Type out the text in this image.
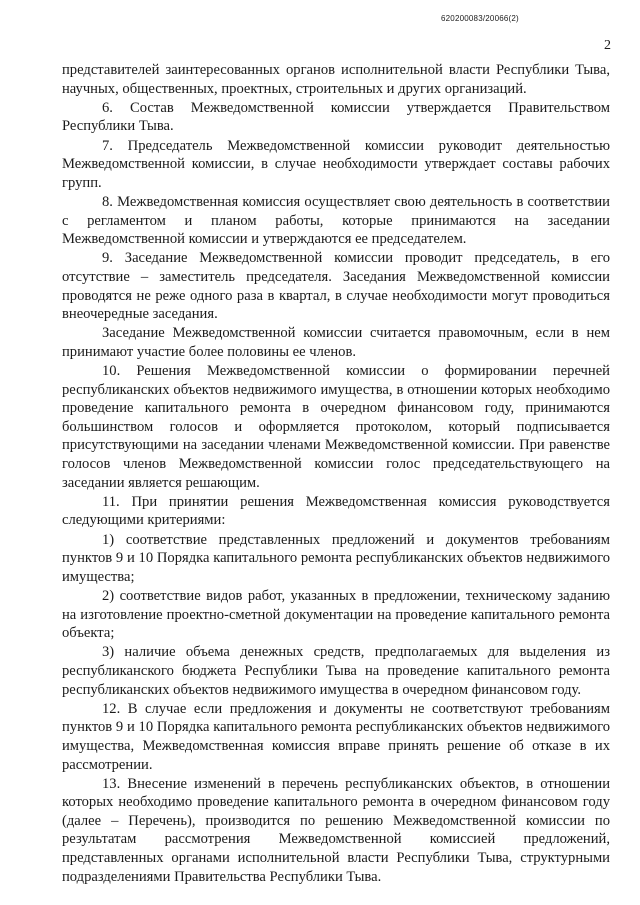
620200083/20066(2)
2

представителей заинтересованных органов исполнительной власти Республики Тыва, научных, общественных, проектных, строительных и других организаций.

6. Состав Межведомственной комиссии утверждается Правительством Республики Тыва.

7. Председатель Межведомственной комиссии руководит деятельностью Межведомственной комиссии, в случае необходимости утверждает составы рабочих групп.

8. Межведомственная комиссия осуществляет свою деятельность в соответствии с регламентом и планом работы, которые принимаются на заседании Межведомственной комиссии и утверждаются ее председателем.

9. Заседание Межведомственной комиссии проводит председатель, в его отсутствие – заместитель председателя. Заседания Межведомственной комиссии проводятся не реже одного раза в квартал, в случае необходимости могут проводиться внеочередные заседания.

Заседание Межведомственной комиссии считается правомочным, если в нем принимают участие более половины ее членов.

10. Решения Межведомственной комиссии о формировании перечней республиканских объектов недвижимого имущества, в отношении которых необходимо проведение капитального ремонта в очередном финансовом году, принимаются большинством голосов и оформляется протоколом, который подписывается присутствующими на заседании членами Межведомственной комиссии. При равенстве голосов членов Межведомственной комиссии голос председательствующего на заседании является решающим.

11. При принятии решения Межведомственная комиссия руководствуется следующими критериями:

1) соответствие представленных предложений и документов требованиям пунктов 9 и 10 Порядка капитального ремонта республиканских объектов недвижимого имущества;

2) соответствие видов работ, указанных в предложении, техническому заданию на изготовление проектно-сметной документации на проведение капитального ремонта объекта;

3) наличие объема денежных средств, предполагаемых для выделения из республиканского бюджета Республики Тыва на проведение капитального ремонта республиканских объектов недвижимого имущества в очередном финансовом году.

12. В случае если предложения и документы не соответствуют требованиям пунктов 9 и 10 Порядка капитального ремонта республиканских объектов недвижимого имущества, Межведомственная комиссия вправе принять решение об отказе в их рассмотрении.

13. Внесение изменений в перечень республиканских объектов, в отношении которых необходимо проведение капитального ремонта в очередном финансовом году (далее – Перечень), производится по решению Межведомственной комиссии по результатам рассмотрения Межведомственной комиссией предложений, представленных органами исполнительной власти Республики Тыва, структурными подразделениями Правительства Республики Тыва.
